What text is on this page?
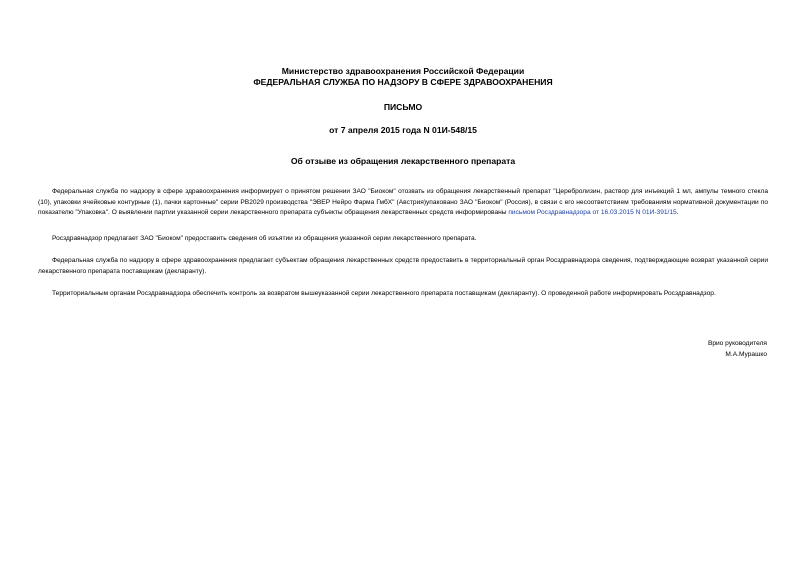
Министерство здравоохранения Российской Федерации
ФЕДЕРАЛЬНАЯ СЛУЖБА ПО НАДЗОРУ В СФЕРЕ ЗДРАВООХРАНЕНИЯ
ПИСЬМО
от 7 апреля 2015 года N 01И-548/15
Об отзыве из обращения лекарственного препарата

Федеральная служба по надзору в сфере здравоохранения информирует о принятом решении ЗАО "Биоком" отозвать из обращения лекарственный препарат "Церебролизин, раствор для инъекций 1 мл, ампулы темного стекла (10), упаковки ячейковые контурные (1), пачки картонные" серии РВ2029 производства "ЭВЕР Нейро Фарма ГмбХ" (Австрия)упаковано ЗАО "Биоком" (Россия), в связи с его несоответствием требованиям нормативной документации по показателю "Упаковка". О выявлении партии указанной серии лекарственного препарата субъекты обращения лекарственных средств информированы письмом Росздравнадзора от 16.03.2015 N 01И-391/15.

Росздравнадзор предлагает ЗАО "Биоком" предоставить сведения об изъятии из обращения указанной серии лекарственного препарата.

Федеральная служба по надзору в сфере здравоохранения предлагает субъектам обращения лекарственных средств предоставить в территориальный орган Росздравнадзора сведения, подтверждающие возврат указанной серии лекарственного препарата поставщикам (декларанту).

Территориальным органам Росздравнадзора обеспечить контроль за возвратом вышеуказанной серии лекарственного препарата поставщикам (декларанту). О проведенной работе информировать Росздравнадзор.

Врио руководителя
М.А.Мурашко
